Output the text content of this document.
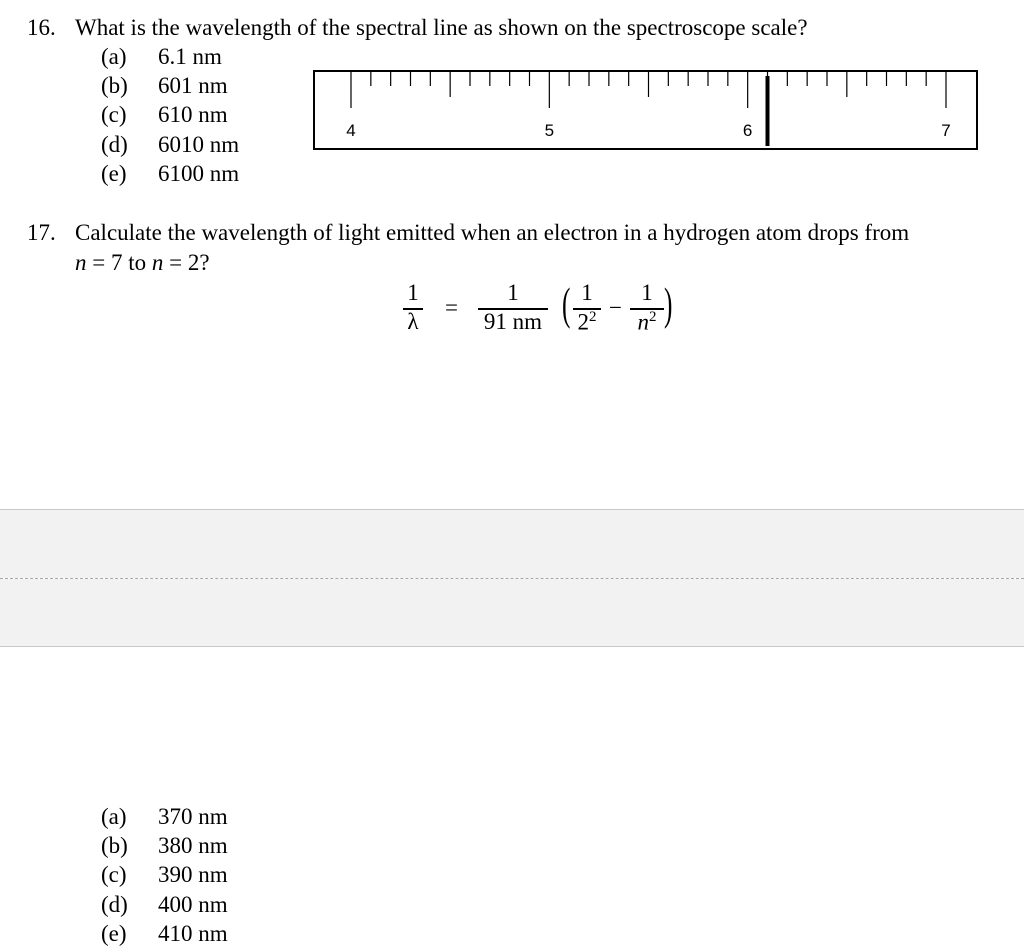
16. What is the wavelength of the spectral line as shown on the spectroscope scale?
(a) 6.1 nm
(b) 601 nm
(c) 610 nm
(d) 6010 nm
(e) 6100 nm
4	5	6	7
17. Calculate the wavelength of light emitted when an electron in a hydrogen atom drops from
n = 7 to n = 2?
1
λ
=
1
91 nm ( 1
$2^2$ −
1
$n^2$ )
(a) 370 nm
(b) 380 nm
(c) 390 nm
(d) 400 nm
(e) 410 nm
